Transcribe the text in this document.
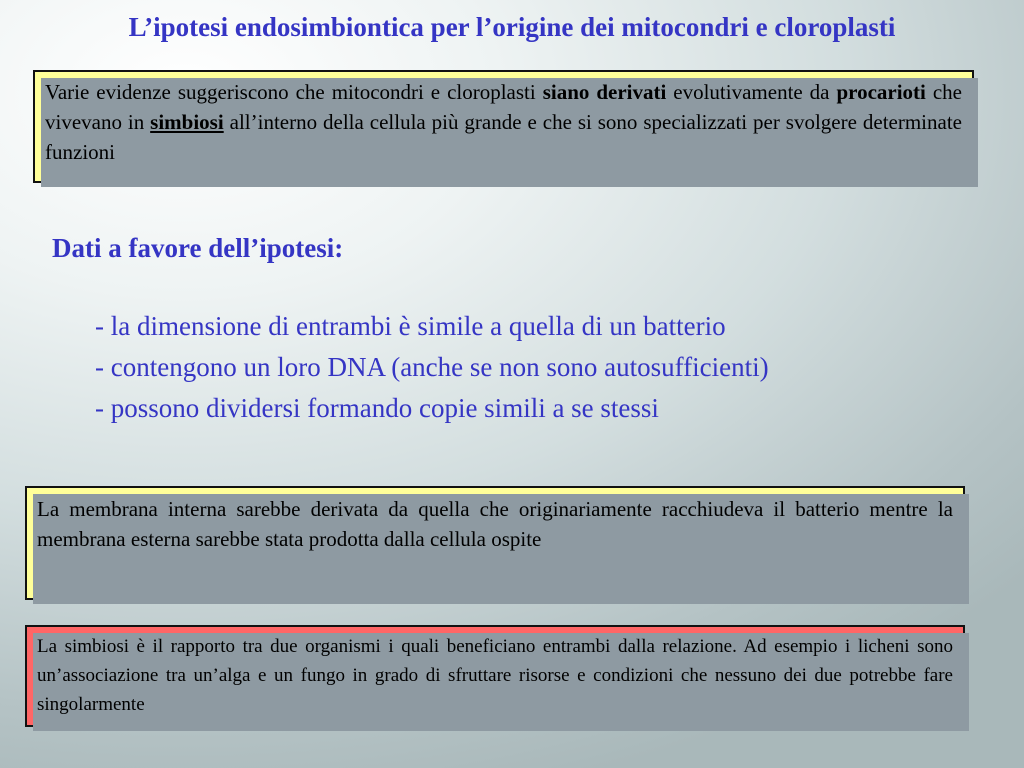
L’ipotesi endosimbiontica per l’origine dei mitocondri e cloroplasti
Varie evidenze suggeriscono che mitocondri e cloroplasti siano derivati evolutivamente da procarioti che vivevano in simbiosi all’interno della cellula più grande e che si sono specializzati per svolgere determinate funzioni
Dati a favore dell’ipotesi:
- la dimensione di entrambi è simile a quella di un batterio
- contengono un loro DNA (anche se non sono autosufficienti)
- possono dividersi formando copie simili a se stessi
La membrana interna sarebbe derivata da quella che originariamente racchiudeva il batterio mentre la membrana esterna sarebbe stata prodotta dalla cellula ospite
La simbiosi è il rapporto tra due organismi i quali beneficiano entrambi dalla relazione. Ad esempio i licheni sono un’associazione tra un’alga e un fungo in grado di sfruttare risorse e condizioni che nessuno dei due potrebbe fare singolarmente
